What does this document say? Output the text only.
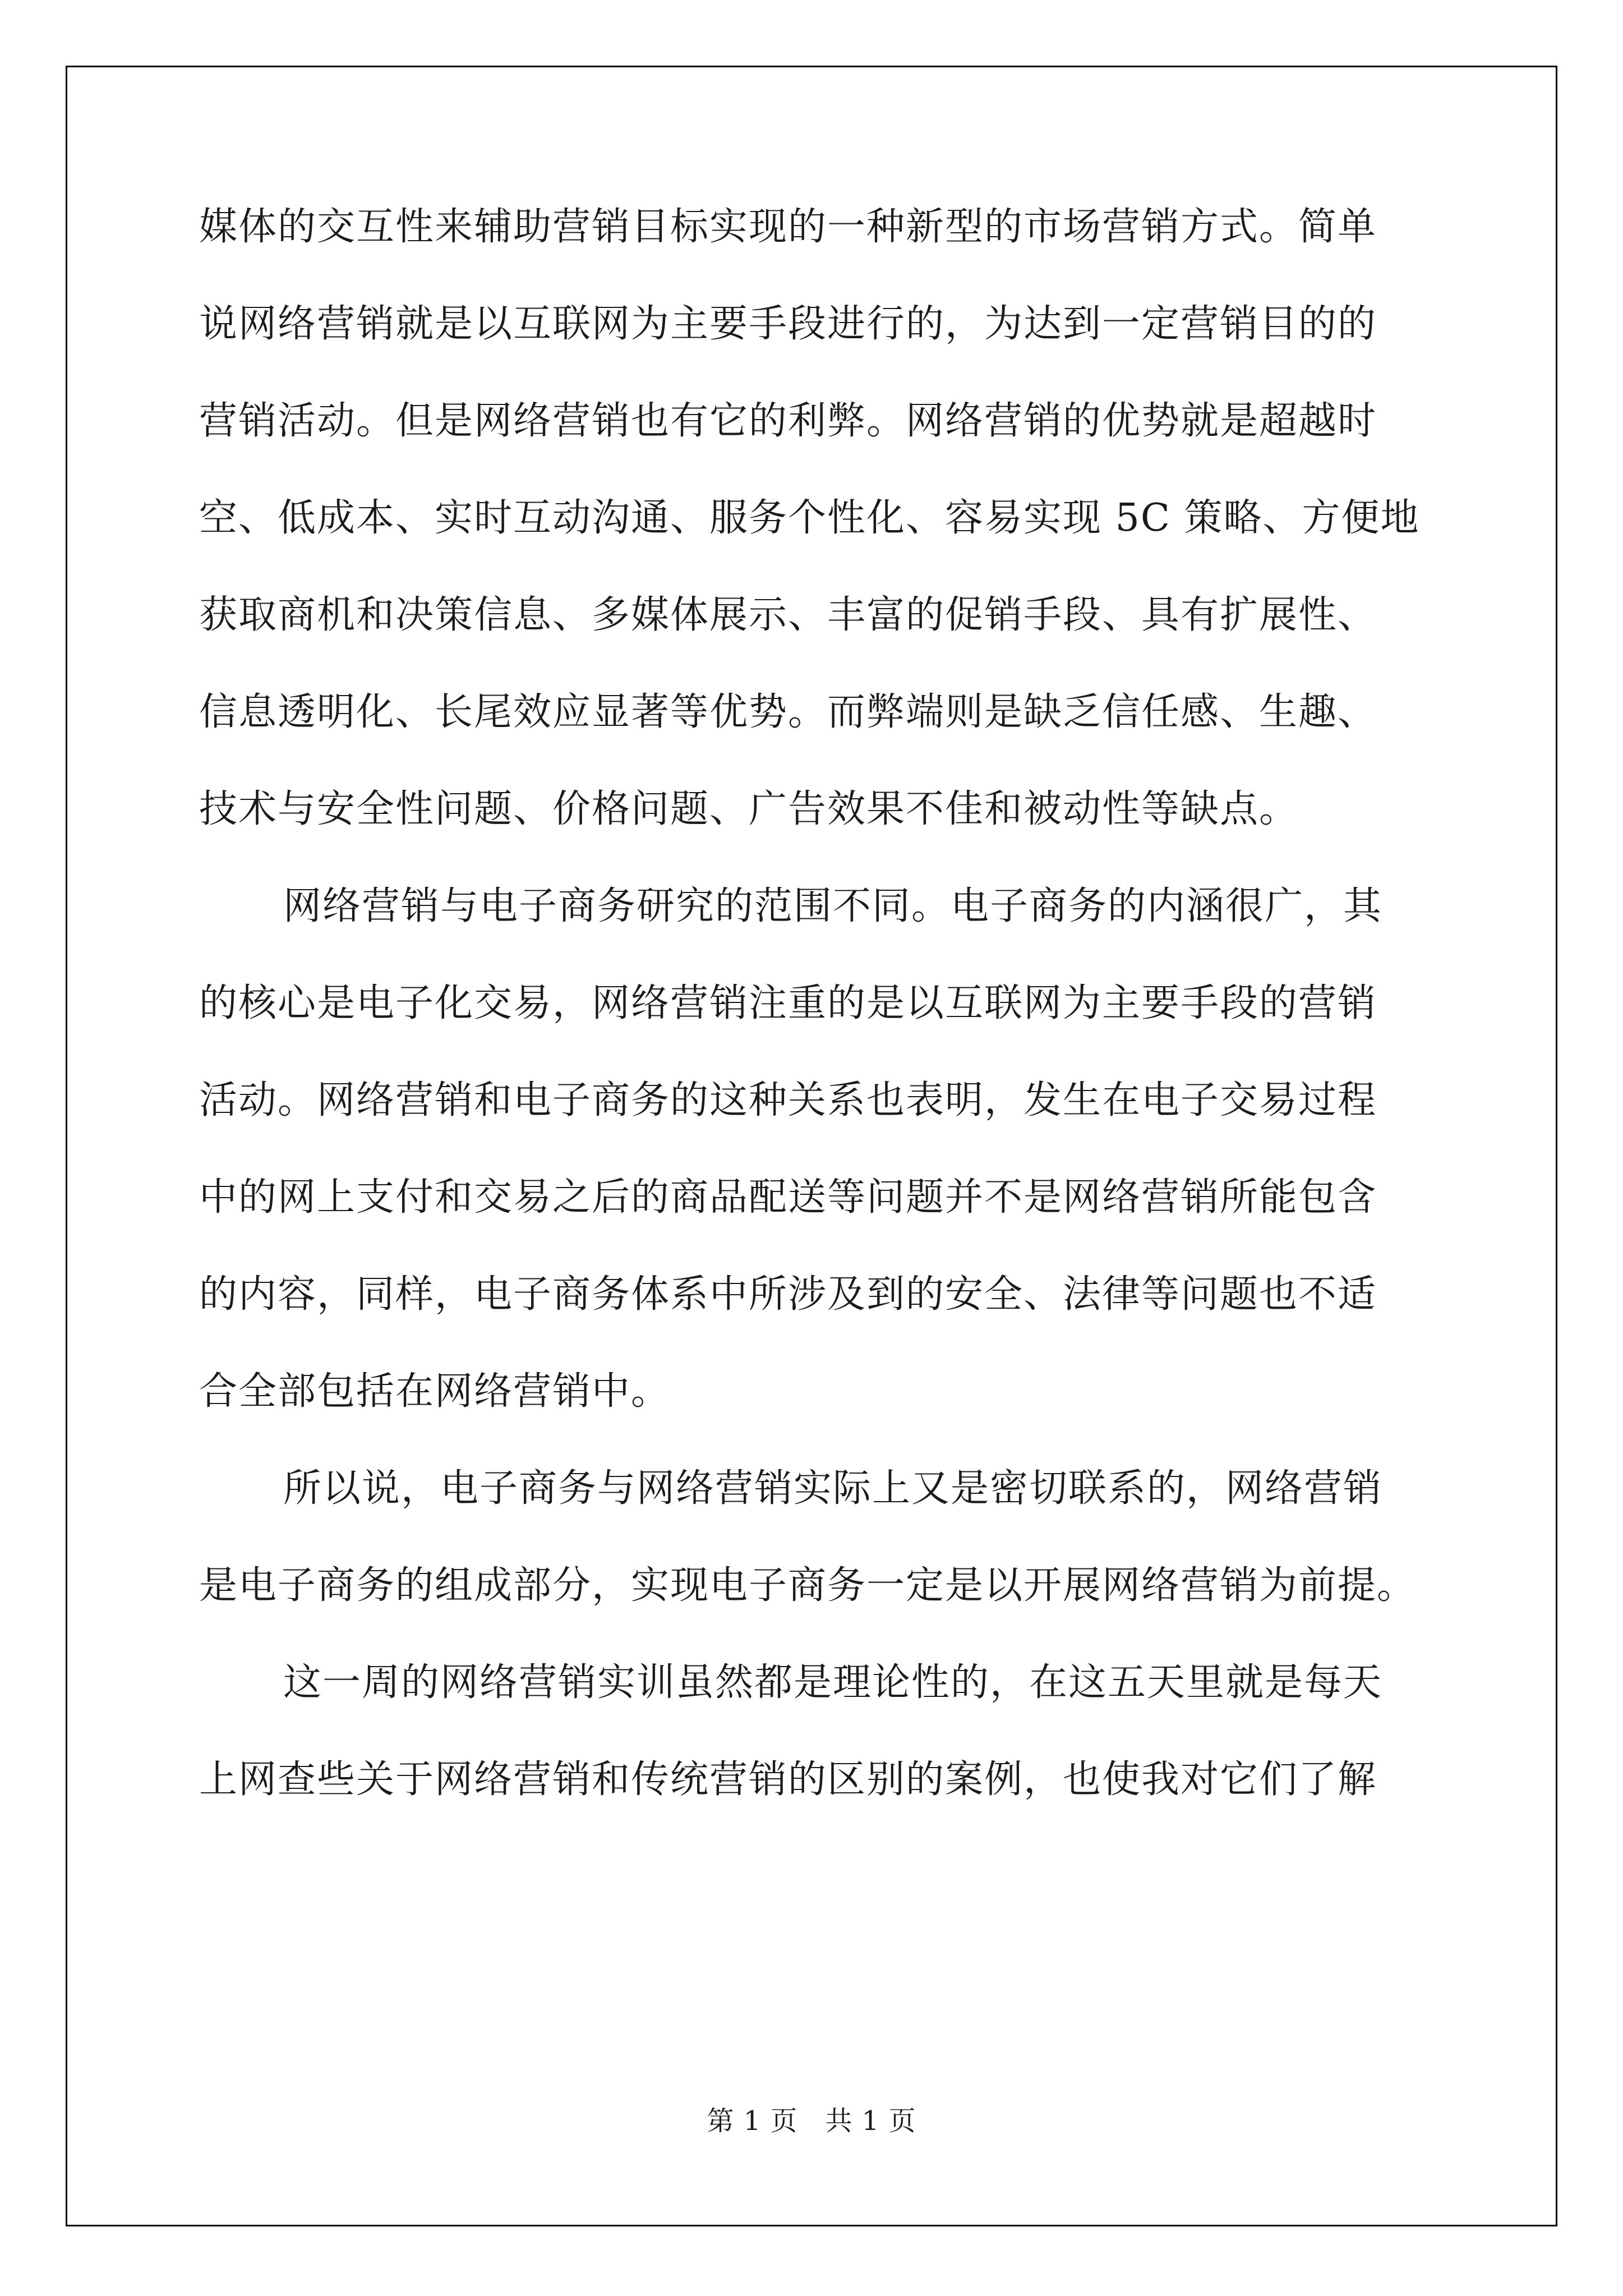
媒体的交互性来辅助营销目标实现的一种新型的市场营销方式。简单
说网络营销就是以互联网为主要手段进行的，为达到一定营销目的的
营销活动。但是网络营销也有它的利弊。网络营销的优势就是超越时
空、低成本、实时互动沟通、服务个性化、容易实现 5C 策略、方便地
获取商机和决策信息、多媒体展示、丰富的促销手段、具有扩展性、
信息透明化、长尾效应显著等优势。而弊端则是缺乏信任感、生趣、
技术与安全性问题、价格问题、广告效果不佳和被动性等缺点。
网络营销与电子商务研究的范围不同。电子商务的内涵很广，其
的核心是电子化交易，网络营销注重的是以互联网为主要手段的营销
活动。网络营销和电子商务的这种关系也表明，发生在电子交易过程
中的网上支付和交易之后的商品配送等问题并不是网络营销所能包含
的内容，同样，电子商务体系中所涉及到的安全、法律等问题也不适
合全部包括在网络营销中。
所以说，电子商务与网络营销实际上又是密切联系的，网络营销
是电子商务的组成部分，实现电子商务一定是以开展网络营销为前提。
这一周的网络营销实训虽然都是理论性的，在这五天里就是每天
上网查些关于网络营销和传统营销的区别的案例，也使我对它们了解
第 1 页　共 1 页
